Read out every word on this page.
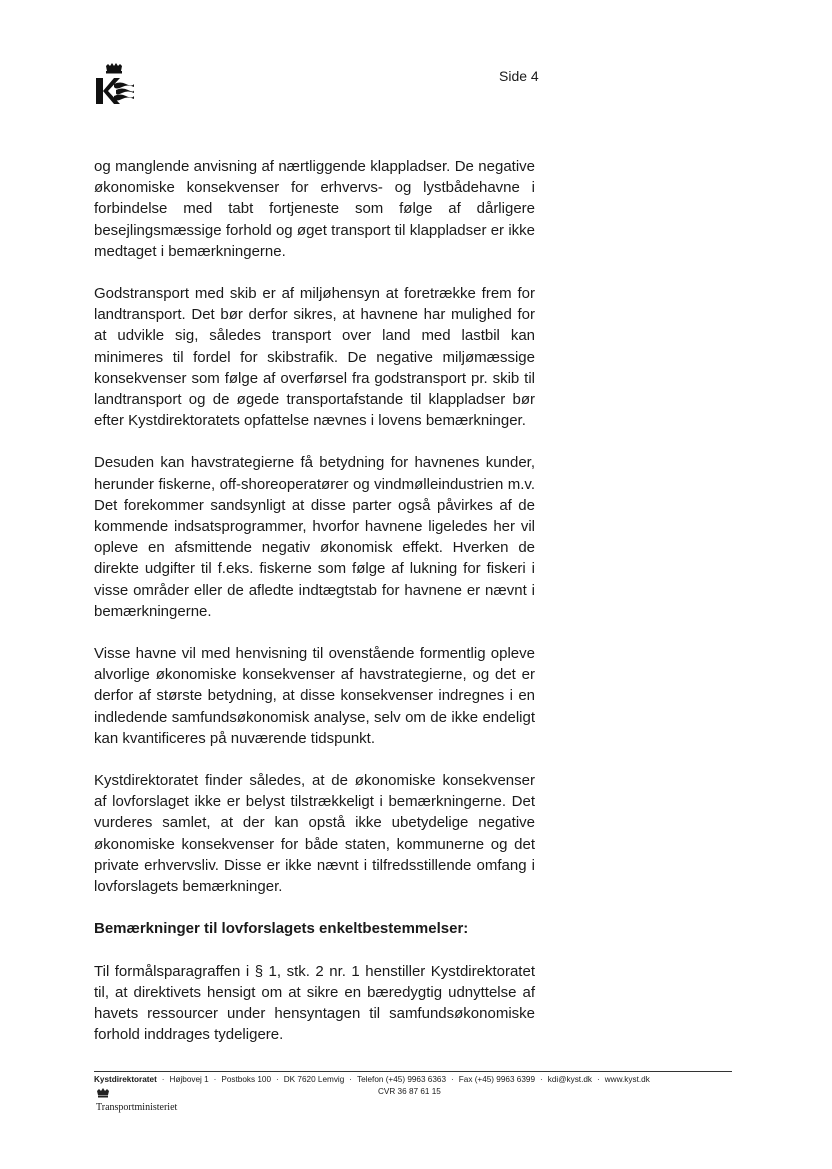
Side 4

og manglende anvisning af nærtliggende klappladser. De negative økonomiske konsekvenser for erhvervs- og lystbådehavne i forbindelse med tabt fortjeneste som følge af dårligere besejlingsmæssige forhold og øget transport til klappladser er ikke medtaget i bemærkningerne.

Godstransport med skib er af miljøhensyn at foretrække frem for landtransport. Det bør derfor sikres, at havnene har mulighed for at udvikle sig, således transport over land med lastbil kan minimeres til fordel for skibstrafik. De negative miljømæssige konsekvenser som følge af overførsel fra godstransport pr. skib til landtransport og de øgede transportafstande til klappladser bør efter Kystdirektoratets opfattelse nævnes i lovens bemærkninger.

Desuden kan havstrategierne få betydning for havnenes kunder, herunder fiskerne, off-shoreoperatører og vindmølleindustrien m.v. Det forekommer sandsynligt at disse parter også påvirkes af de kommende indsatsprogrammer, hvorfor havnene ligeledes her vil opleve en afsmittende negativ økonomisk effekt. Hverken de direkte udgifter til f.eks. fiskerne som følge af lukning for fiskeri i visse områder eller de afledte indtægtstab for havnene er nævnt i bemærkningerne.

Visse havne vil med henvisning til ovenstående formentlig opleve alvorlige økonomiske konsekvenser af havstrategierne, og det er derfor af største betydning, at disse konsekvenser indregnes i en indledende samfundsøkonomisk analyse, selv om de ikke endeligt kan kvantificeres på nuværende tidspunkt.

Kystdirektoratet finder således, at de økonomiske konsekvenser af lovforslaget ikke er belyst tilstrækkeligt i bemærkningerne. Det vurderes samlet, at der kan opstå ikke ubetydelige negative økonomiske konsekvenser for både staten, kommunerne og det private erhvervsliv. Disse er ikke nævnt i tilfredsstillende omfang i lovforslagets bemærkninger.

Bemærkninger til lovforslagets enkeltbestemmelser:

Til formålsparagraffen i § 1, stk. 2 nr. 1 henstiller Kystdirektoratet til, at direktivets hensigt om at sikre en bæredygtig udnyttelse af havets ressourcer under hensyntagen til samfundsøkonomiske forhold inddrages tydeligere.

Kystdirektoratet · Højbovej 1 · Postboks 100 · DK 7620 Lemvig · Telefon (+45) 9963 6363 · Fax (+45) 9963 6399 · kdi@kyst.dk · www.kyst.dk
CVR 36 87 61 15
Transportministeriet
